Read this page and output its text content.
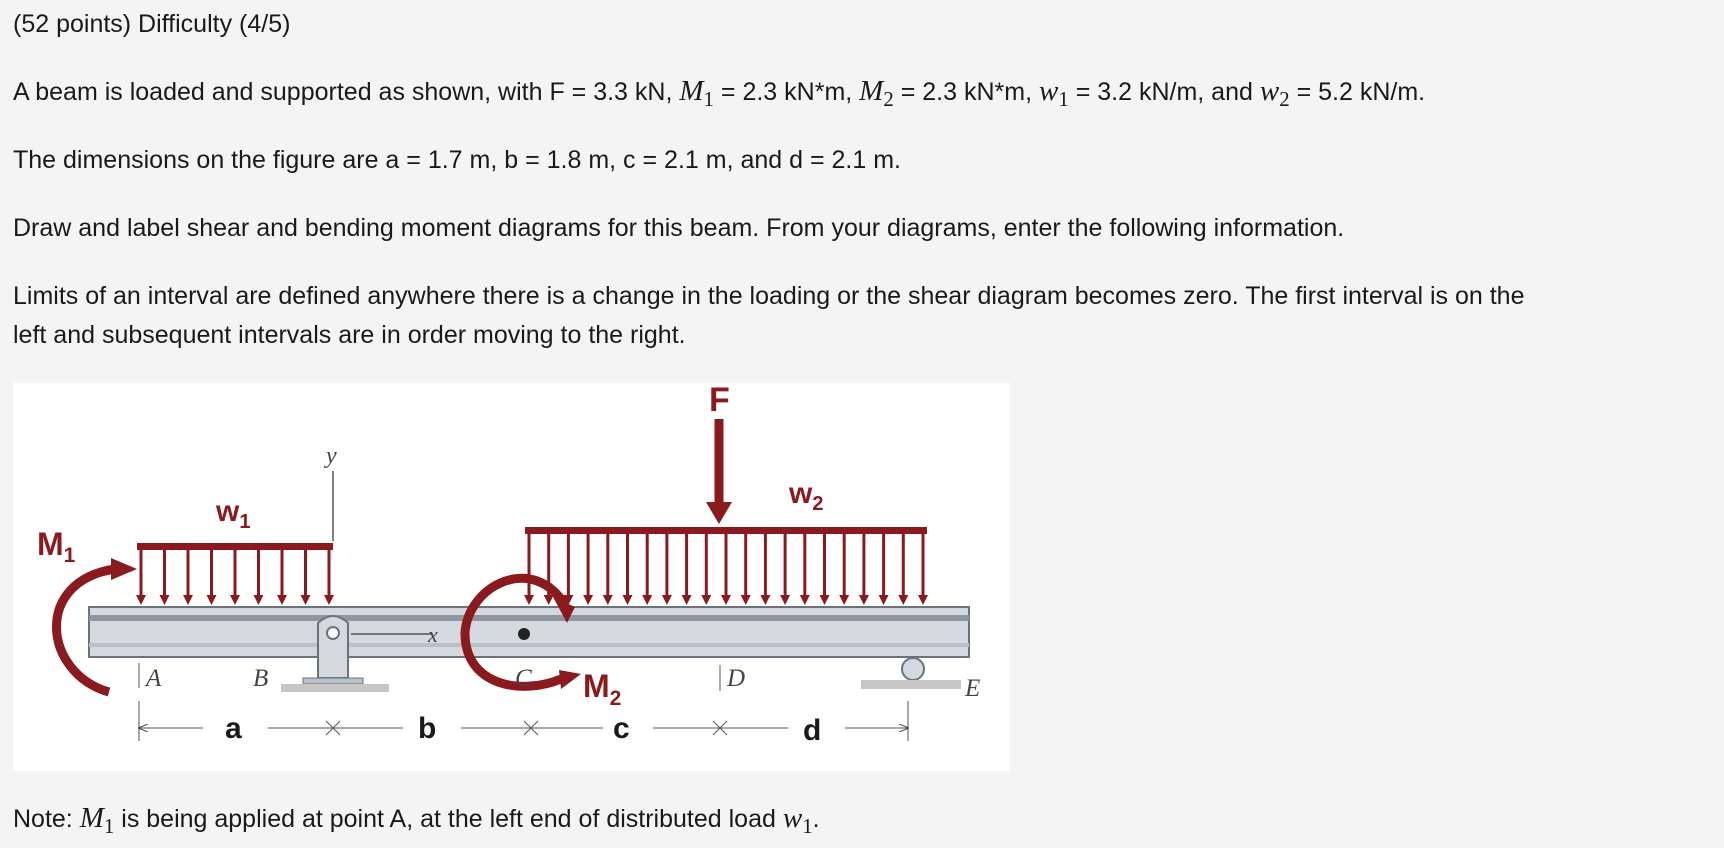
(52 points) Difficulty (4/5)
A beam is loaded and supported as shown, with F = 3.3 kN, $M_1 = 2.3$ kN*m, $M_2 = 2.3$ kN*m, $w_1 = 3.2$ kN/m, and $w_2 = 5.2$ kN/m.
The dimensions on the figure are a = 1.7 m, b = 1.8 m, c = 2.1 m, and d = 2.1 m.
Draw and label shear and bending moment diagrams for this beam. From your diagrams, enter the following information.
Limits of an interval are defined anywhere there is a change in the loading or the shear diagram becomes zero. The first interval is on the
left and subsequent intervals are in order moving to the right.
y
x
F
$M_1$
$M_2$
$w_1$
$w_2$
A	B	C	D	E
a	b	c	d
Note: $M_1$ is being applied at point A, at the left end of distributed load $w_1$.
